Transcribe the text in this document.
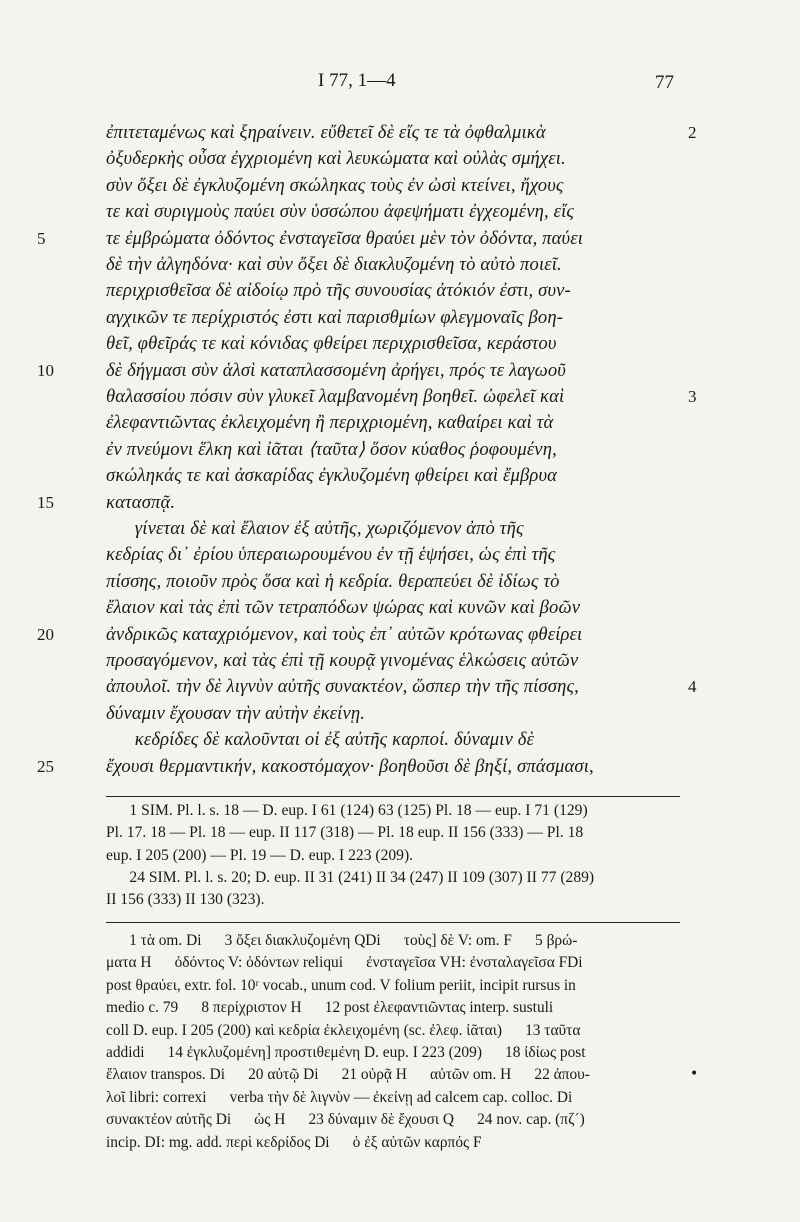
I 77, 1—4	77
ἐπιτεταμένως καὶ ξηραίνειν. εὔθετεῖ δὲ εἴς τε τὰ ὀφθαλμικὰ	2
ὀξυδερκὴς οὖσα ἐγχριομένη καὶ λευκώματα καὶ οὐλὰς σμήχει.
σὺν ὄξει δὲ ἐγκλυζομένη σκώληκας τοὺς ἐν ὠσὶ κτείνει, ἤχους
τε καὶ συριγμοὺς παύει σὺν ὑσσώπου ἀφεψήματι ἐγχεομένη, εἴς
5	τε ἐμβρώματα ὀδόντος ἐνσταγεῖσα θραύει μὲν τὸν ὀδόντα, παύει
δὲ τὴν ἀλγηδόνα· καὶ σὺν ὄξει δὲ διακλυζομένη τὸ αὐτὸ ποιεῖ.
περιχρισθεῖσα δὲ αἰδοίῳ πρὸ τῆς συνουσίας ἀτόκιόν ἐστι, συν-
αγχικῶν τε περίχριστός ἐστι καὶ παρισθμίων φλεγμοναῖς βοη-
θεῖ, φθεῖράς τε καὶ κόνιδας φθείρει περιχρισθεῖσα, κεράστου
10	δὲ δήγμασι σὺν ἁλσὶ καταπλασσομένη ἀρήγει, πρός τε λαγωοῦ
θαλασσίου πόσιν σὺν γλυκεῖ λαμβανομένη βοηθεῖ. ὠφελεῖ καὶ	3
ἐλεφαντιῶντας ἐκλειχομένη ἢ περιχριομένη, καθαίρει καὶ τὰ
ἐν πνεύμονι ἕλκη καὶ ἰᾶται ⟨ταῦτα⟩ ὅσον κύαθος ῥοφουμένη,
σκώληκάς τε καὶ ἀσκαρίδας ἐγκλυζομένη φθείρει καὶ ἔμβρυα
15	κατασπᾷ.
γίνεται δὲ καὶ ἔλαιον ἐξ αὐτῆς, χωριζόμενον ἀπὸ τῆς
κεδρίας δι᾿ ἐρίου ὑπεραιωρουμένου ἐν τῇ ἑψήσει, ὡς ἐπὶ τῆς
πίσσης, ποιοῦν πρὸς ὅσα καὶ ἡ κεδρία. θεραπεύει δὲ ἰδίως τὸ
ἔλαιον καὶ τὰς ἐπὶ τῶν τετραπόδων ψώρας καὶ κυνῶν καὶ βοῶν
20	ἀνδρικῶς καταχριόμενον, καὶ τοὺς ἐπ᾿ αὐτῶν κρότωνας φθείρει
προσαγόμενον, καὶ τὰς ἐπὶ τῇ κουρᾷ γινομένας ἑλκώσεις αὐτῶν
ἀπουλοῖ. τὴν δὲ λιγνὺν αὐτῆς συνακτέον, ὥσπερ τὴν τῆς πίσσης,	4
δύναμιν ἔχουσαν τὴν αὐτὴν ἐκείνῃ.
κεδρίδες δὲ καλοῦνται οἱ ἐξ αὐτῆς καρποί. δύναμιν δὲ
25	ἔχουσι θερμαντικήν, κακοστόμαχον· βοηθοῦσι δὲ βηξί, σπάσμασι,
1 SIM. Pl. l. s. 18 — D. eup. I 61 (124) 63 (125) Pl. 18 — eup. I 71 (129)
Pl. 17. 18 — Pl. 18 — eup. II 117 (318) — Pl. 18 eup. II 156 (333) — Pl. 18
eup. I 205 (200) — Pl. 19 — D. eup. I 223 (209).
24 SIM. Pl. l. s. 20; D. eup. II 31 (241) II 34 (247) II 109 (307) II 77 (289)
II 156 (333) II 130 (323).
1 τὰ om. Di      3 ὄξει διακλυζομένη QDi      τοὺς] δὲ V: om. F      5 βρώ-
ματα H      ὀδόντος V: ὀδόντων reliqui      ἐνσταγεῖσα VH: ἐνσταλαγεῖσα FDi
post θραύει, extr. fol. 10ʳ vocab., unum cod. V folium periit, incipit rursus in
medio c. 79      8 περίχριστον H      12 post ἐλεφαντιῶντας interp. sustuli
coll D. eup. I 205 (200) καὶ κεδρία ἐκλειχομένη (sc. ἐλεφ. ἰᾶται)      13 ταῦτα
addidi      14 ἐγκλυζομένη] προστιθεμένη D. eup. I 223 (209)      18 ἰδίως post
ἔλαιον transpos. Di      20 αὐτῷ Di      21 οὐρᾷ H      αὐτῶν om. H      22 ἀπου-
λοῖ libri: correxi      verba τὴν δὲ λιγνὺν — ἐκείνῃ ad calcem cap. colloc. Di
συνακτέον αὐτῆς Di      ὡς H      23 δύναμιν δὲ ἔχουσι Q      24 nov. cap. (πζ´)
incip. DI: mg. add. περὶ κεδρίδος Di      ὁ ἐξ αὐτῶν καρπός F
•
